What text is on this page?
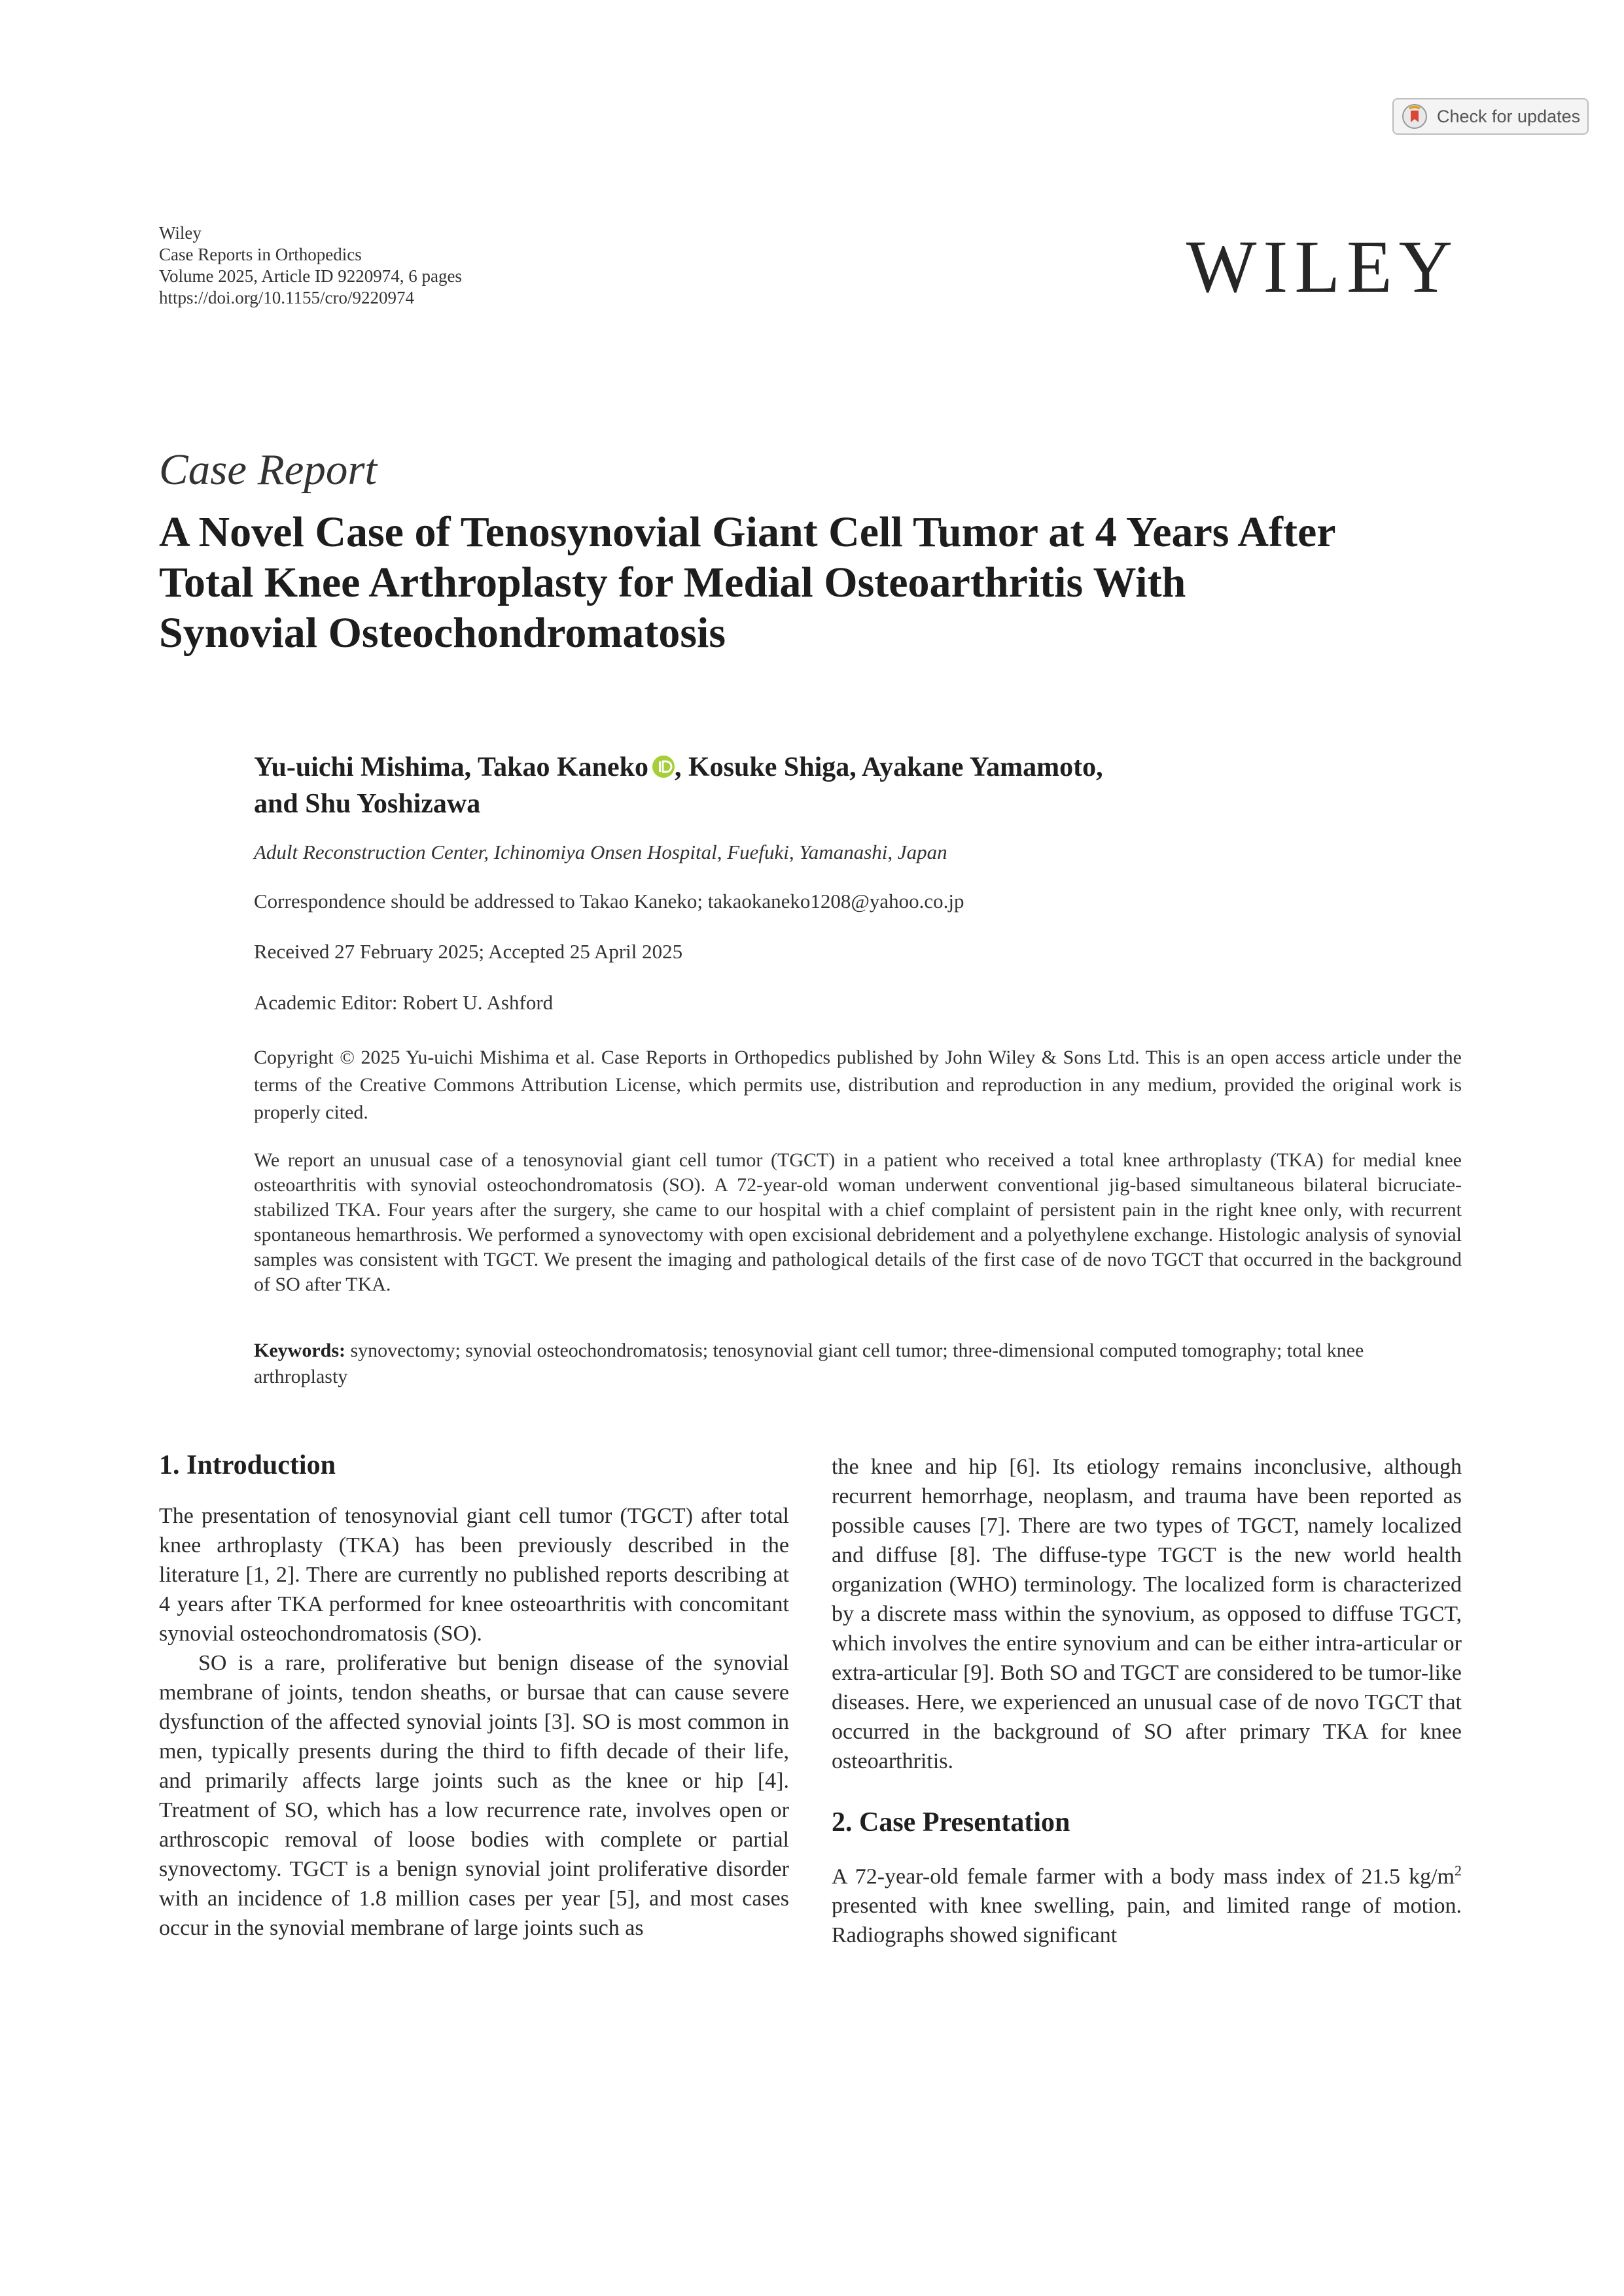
Check for updates
Wiley
Case Reports in Orthopedics
Volume 2025, Article ID 9220974, 6 pages
https://doi.org/10.1155/cro/9220974	WILEY
Case Report
A Novel Case of Tenosynovial Giant Cell Tumor at 4 Years After
Total Knee Arthroplasty for Medial Osteoarthritis With
Synovial Osteochondromatosis
Yu-uichi Mishima, Takao Kaneko , Kosuke Shiga, Ayakane Yamamoto,
and Shu Yoshizawa
Adult Reconstruction Center, Ichinomiya Onsen Hospital, Fuefuki, Yamanashi, Japan
Correspondence should be addressed to Takao Kaneko; takaokaneko1208@yahoo.co.jp
Received 27 February 2025; Accepted 25 April 2025
Academic Editor: Robert U. Ashford
Copyright © 2025 Yu-uichi Mishima et al. Case Reports in Orthopedics published by John Wiley & Sons Ltd. This is an open access article under the terms of the Creative Commons Attribution License, which permits use, distribution and reproduction in any medium, provided the original work is properly cited.
We report an unusual case of a tenosynovial giant cell tumor (TGCT) in a patient who received a total knee arthroplasty (TKA) for medial knee osteoarthritis with synovial osteochondromatosis (SO). A 72-year-old woman underwent conventional jig-based simultaneous bilateral bicruciate-stabilized TKA. Four years after the surgery, she came to our hospital with a chief complaint of persistent pain in the right knee only, with recurrent spontaneous hemarthrosis. We performed a synovectomy with open excisional debridement and a polyethylene exchange. Histologic analysis of synovial samples was consistent with TGCT. We present the imaging and pathological details of the first case of de novo TGCT that occurred in the background of SO after TKA.
Keywords: synovectomy; synovial osteochondromatosis; tenosynovial giant cell tumor; three-dimensional computed tomography; total knee arthroplasty
1. Introduction

The presentation of tenosynovial giant cell tumor (TGCT) after total knee arthroplasty (TKA) has been previously described in the literature [1, 2]. There are currently no published reports describing at 4 years after TKA performed for knee osteoarthritis with concomitant synovial osteochondromatosis (SO).

SO is a rare, proliferative but benign disease of the synovial membrane of joints, tendon sheaths, or bursae that can cause severe dysfunction of the affected synovial joints [3]. SO is most common in men, typically presents during the third to fifth decade of their life, and primarily affects large joints such as the knee or hip [4]. Treatment of SO, which has a low recurrence rate, involves open or arthroscopic removal of loose bodies with complete or partial synovectomy. TGCT is a benign synovial joint proliferative disorder with an incidence of 1.8 million cases per year [5], and most cases occur in the synovial membrane of large joints such as

the knee and hip [6]. Its etiology remains inconclusive, although recurrent hemorrhage, neoplasm, and trauma have been reported as possible causes [7]. There are two types of TGCT, namely localized and diffuse [8]. The diffuse-type TGCT is the new world health organization (WHO) terminology. The localized form is characterized by a discrete mass within the synovium, as opposed to diffuse TGCT, which involves the entire synovium and can be either intra-articular or extra-articular [9]. Both SO and TGCT are considered to be tumor-like diseases. Here, we experienced an unusual case of de novo TGCT that occurred in the background of SO after primary TKA for knee osteoarthritis.

2. Case Presentation

A 72-year-old female farmer with a body mass index of 21.5 $kg/m^2$ presented with knee swelling, pain, and limited range of motion. Radiographs showed significant
